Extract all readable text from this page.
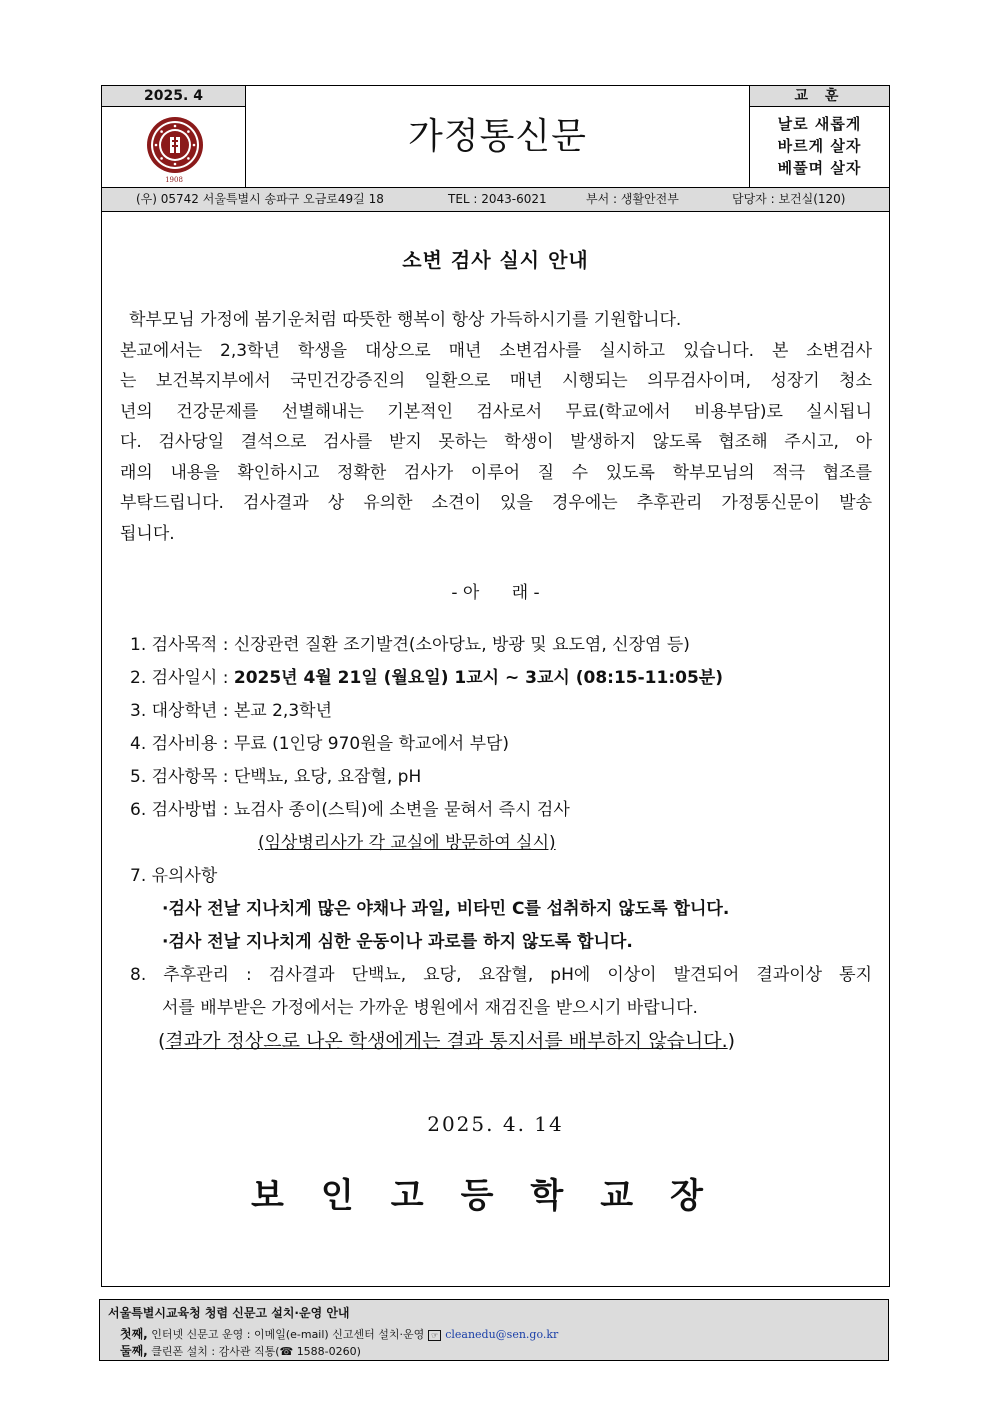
2025. 4
1908
가정통신문
교 훈
날로 새롭게
바르게 살자
베풀며 살자
(우) 05742 서울특별시 송파구 오금로49길 18	TEL : 2043-6021	부서 : 생활안전부	담당자 : 보건실(120)
소변 검사 실시 안내
학부모님 가정에 봄기운처럼 따뜻한 행복이 항상 가득하시기를 기원합니다.
본교에서는 2,3학년 학생을 대상으로 매년 소변검사를 실시하고 있습니다. 본 소변검사
는 보건복지부에서 국민건강증진의 일환으로 매년 시행되는 의무검사이며, 성장기 청소
년의 건강문제를 선별해내는 기본적인 검사로서 무료(학교에서 비용부담)로 실시됩니
다. 검사당일 결석으로 검사를 받지 못하는 학생이 발생하지 않도록 협조해 주시고, 아
래의 내용을 확인하시고 정확한 검사가 이루어 질 수 있도록 학부모님의 적극 협조를
부탁드립니다. 검사결과 상 유의한 소견이 있을 경우에는 추후관리 가정통신문이 발송
됩니다.
- 아      래 -
1. 검사목적 : 신장관련 질환 조기발견(소아당뇨, 방광 및 요도염, 신장염 등)
2. 검사일시 : 2025년 4월 21일 (월요일) 1교시 ~ 3교시 (08:15-11:05분)
3. 대상학년 : 본교 2,3학년
4. 검사비용 : 무료 (1인당 970원을 학교에서 부담)
5. 검사항목 : 단백뇨, 요당, 요잠혈, pH
6. 검사방법 : 뇨검사 종이(스틱)에 소변을 묻혀서 즉시 검사
(임상병리사가 각 교실에 방문하여 실시)
7. 유의사항
·검사 전날 지나치게 많은 야채나 과일, 비타민 C를 섭취하지 않도록 합니다.
·검사 전날 지나치게 심한 운동이나 과로를 하지 않도록 합니다.
8. 추후관리 : 검사결과 단백뇨, 요당, 요잠혈, pH에 이상이 발견되어 결과이상 통지
서를 배부받은 가정에서는 가까운 병원에서 재검진을 받으시기 바랍니다.
(결과가 정상으로 나온 학생에게는 결과 통지서를 배부하지 않습니다.)
2025. 4. 14
보인고등학교장
서울특별시교육청 청렴 신문고 설치·운영 안내
첫째, 인터넷 신문고 운영 : 이메일(e-mail) 신고센터 설치·운영 ☞ cleanedu@sen.go.kr
둘째, 클린폰 설치 : 감사관 직통(☎ 1588-0260)
